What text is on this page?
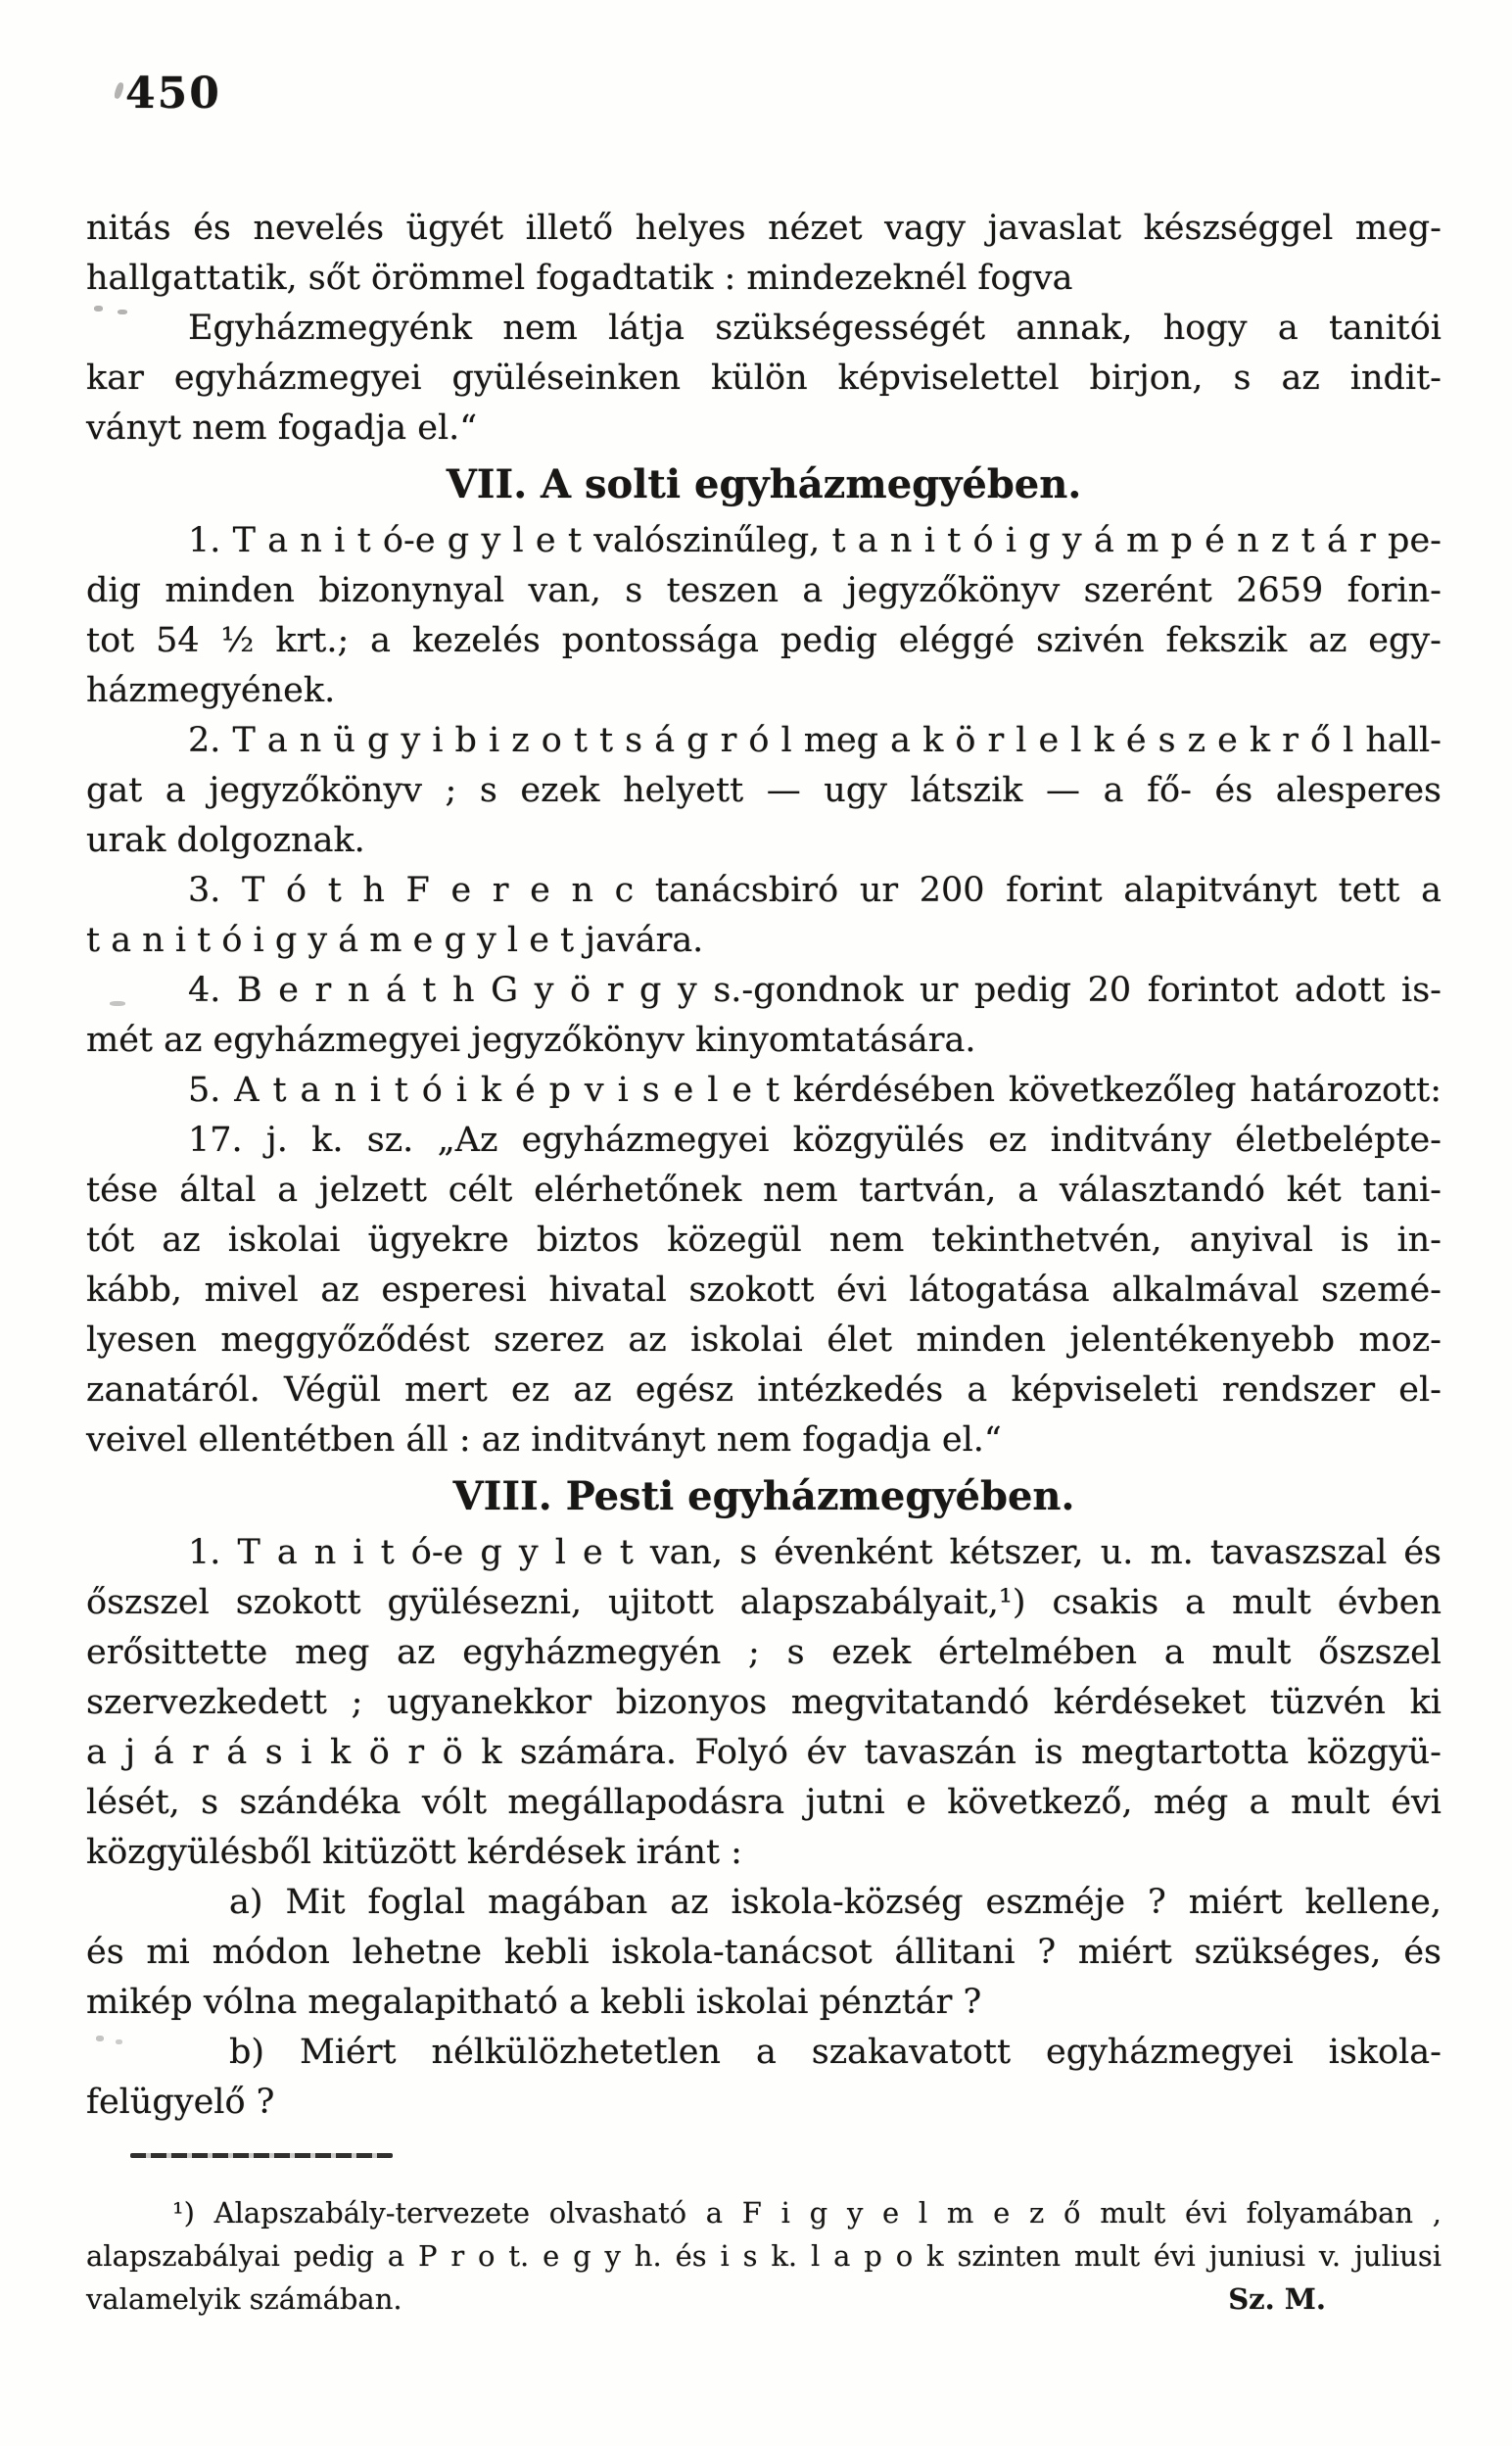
450
nitás és nevelés ügyét illető helyes nézet vagy javaslat készséggel meg-
hallgattatik, sőt örömmel fogadtatik : mindezeknél fogva
Egyházmegyénk nem látja szükségességét annak, hogy a tanitói
kar egyházmegyei gyüléseinken külön képviselettel birjon, s az indit-
ványt nem fogadja el.“
VII. A solti egyházmegyében.
1. T a n i t ó-e g y l e t valószinűleg, t a n i t ó i g y á m p é n z t á r pe-
dig minden bizonynyal van, s teszen a jegyzőkönyv szerént 2659 forin-
tot 54 ½ krt.; a kezelés pontossága pedig eléggé szivén fekszik az egy-
házmegyének.
2. T a n ü g y i b i z o t t s á g r ó l meg a k ö r l e l k é s z e k r ő l hall-
gat a jegyzőkönyv ; s ezek helyett — ugy látszik — a fő- és alesperes
urak dolgoznak.
3. T ó t h F e r e n c tanácsbiró ur 200 forint alapitványt tett a
t a n i t ó i g y á m e g y l e t javára.
4. B e r n á t h G y ö r g y s.-gondnok ur pedig 20 forintot adott is-
mét az egyházmegyei jegyzőkönyv kinyomtatására.
5. A t a n i t ó i k é p v i s e l e t kérdésében következőleg határozott:
17. j. k. sz. „Az egyházmegyei közgyülés ez inditvány életbelépte-
tése által a jelzett célt elérhetőnek nem tartván, a választandó két tani-
tót az iskolai ügyekre biztos közegül nem tekinthetvén, anyival is in-
kább, mivel az esperesi hivatal szokott évi látogatása alkalmával szemé-
lyesen meggyőződést szerez az iskolai élet minden jelentékenyebb moz-
zanatáról. Végül mert ez az egész intézkedés a képviseleti rendszer el-
veivel ellentétben áll : az inditványt nem fogadja el.“
VIII. Pesti egyházmegyében.
1. T a n i t ó-e g y l e t van, s évenként kétszer, u. m. tavaszszal és
őszszel szokott gyülésezni, ujitott alapszabályait,¹) csakis a mult évben
erősittette meg az egyházmegyén ; s ezek értelmében a mult őszszel
szervezkedett ; ugyanekkor bizonyos megvitatandó kérdéseket tüzvén ki
a j á r á s i k ö r ö k számára. Folyó év tavaszán is megtartotta közgyü-
lését, s szándéka vólt megállapodásra jutni e következő, még a mult évi
közgyülésből kitüzött kérdések iránt :
a) Mit foglal magában az iskola-község eszméje ? miért kellene,
és mi módon lehetne kebli iskola-tanácsot állitani ? miért szükséges, és
mikép vólna megalapitható a kebli iskolai pénztár ?
b) Miért nélkülözhetetlen a szakavatott egyházmegyei iskola-
felügyelő ?
¹) Alapszabály-tervezete olvasható a F i g y e l m e z ő mult évi folyamában ,
alapszabályai pedig a P r o t. e g y h. és i s k. l a p o k szinten mult évi juniusi v. juliusi
valamelyik számában.	Sz. M.
